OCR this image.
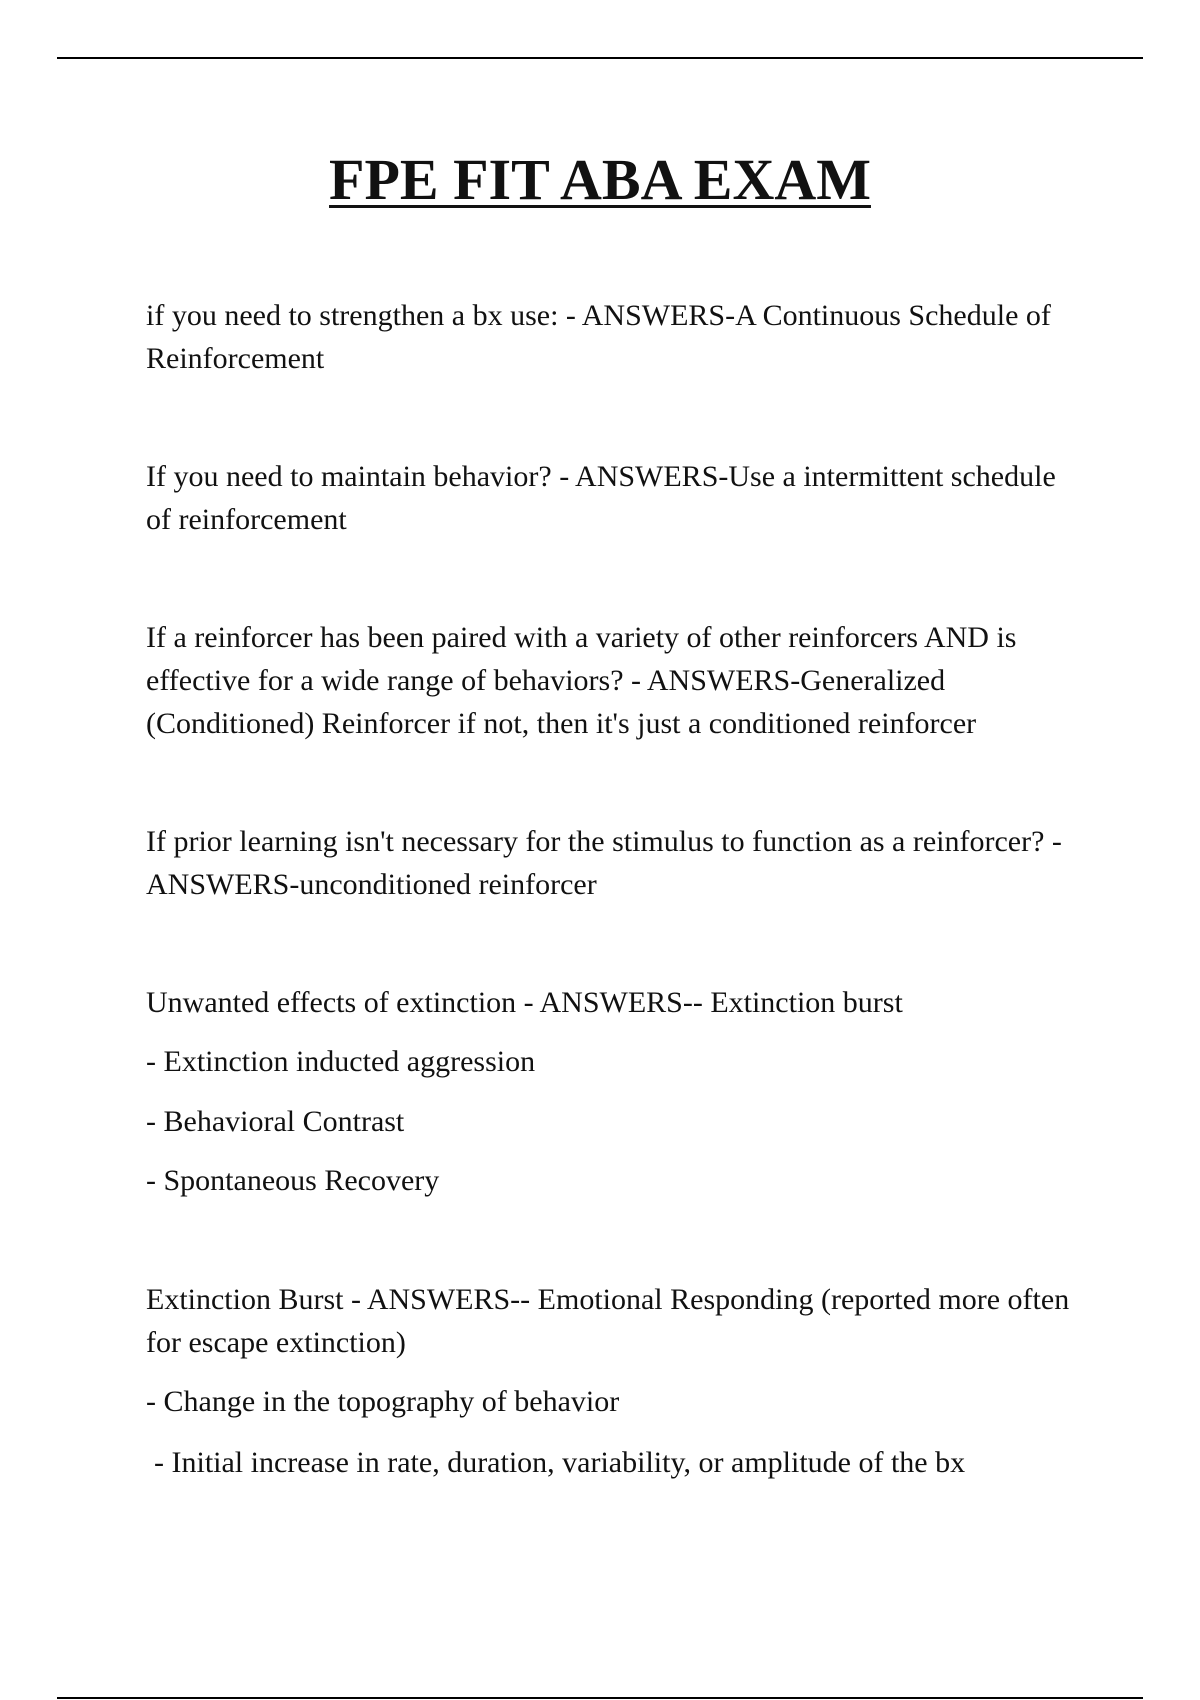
FPE FIT ABA EXAM

if you need to strengthen a bx use: - ANSWERS-A Continuous Schedule of Reinforcement

If you need to maintain behavior? - ANSWERS-Use a intermittent schedule of reinforcement

If a reinforcer has been paired with a variety of other reinforcers AND is effective for a wide range of behaviors? - ANSWERS-Generalized (Conditioned) Reinforcer if not, then it's just a conditioned reinforcer

If prior learning isn't necessary for the stimulus to function as a reinforcer? - ANSWERS-unconditioned reinforcer

Unwanted effects of extinction - ANSWERS-- Extinction burst

- Extinction inducted aggression

- Behavioral Contrast

- Spontaneous Recovery

Extinction Burst - ANSWERS-- Emotional Responding (reported more often for escape extinction)

- Change in the topography of behavior

- Initial increase in rate, duration, variability, or amplitude of the bx
